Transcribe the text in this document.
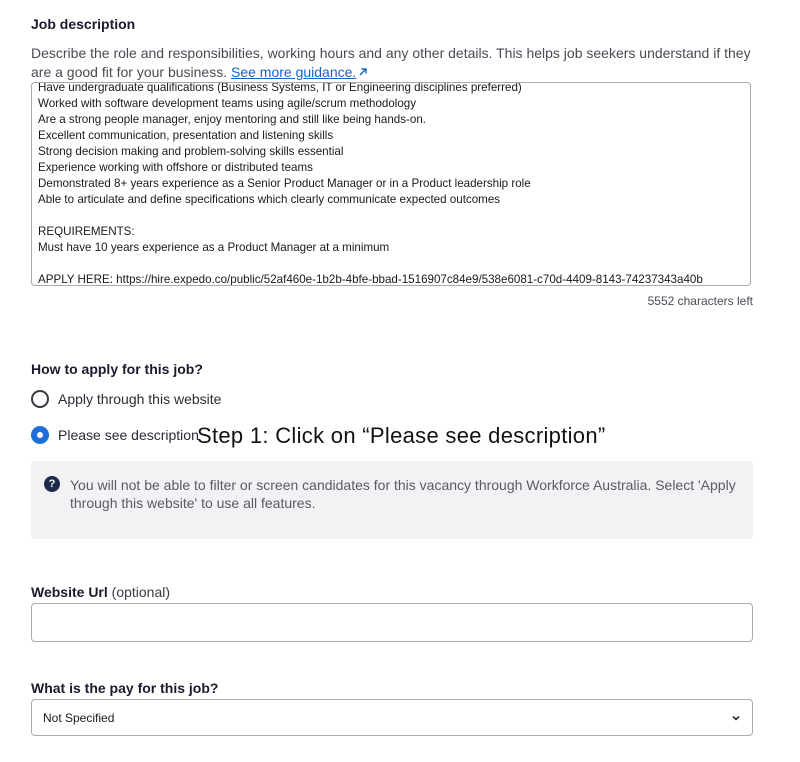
Job description
Describe the role and responsibilities, working hours and any other details. This helps job seekers understand if they are a good fit for your business. See more guidance.
Have undergraduate qualifications (Business Systems, IT or Engineering disciplines preferred)
Worked with software development teams using agile/scrum methodology
Are a strong people manager, enjoy mentoring and still like being hands-on.
Excellent communication, presentation and listening skills
Strong decision making and problem-solving skills essential
Experience working with offshore or distributed teams
Demonstrated 8+ years experience as a Senior Product Manager or in a Product leadership role
Able to articulate and define specifications which clearly communicate expected outcomes
REQUIREMENTS:
Must have 10 years experience as a Product Manager at a minimum
APPLY HERE: https://hire.expedo.co/public/52af460e-1b2b-4bfe-bbad-1516907c84e9/538e6081-c70d-4409-8143-74237343a40b
5552 characters left
How to apply for this job?
Apply through this website
Please see description
Step 1: Click on “Please see description”
?	You will not be able to filter or screen candidates for this vacancy through Workforce Australia. Select 'Apply through this website' to use all features.
Website Url (optional)
What is the pay for this job?
Not Specified
